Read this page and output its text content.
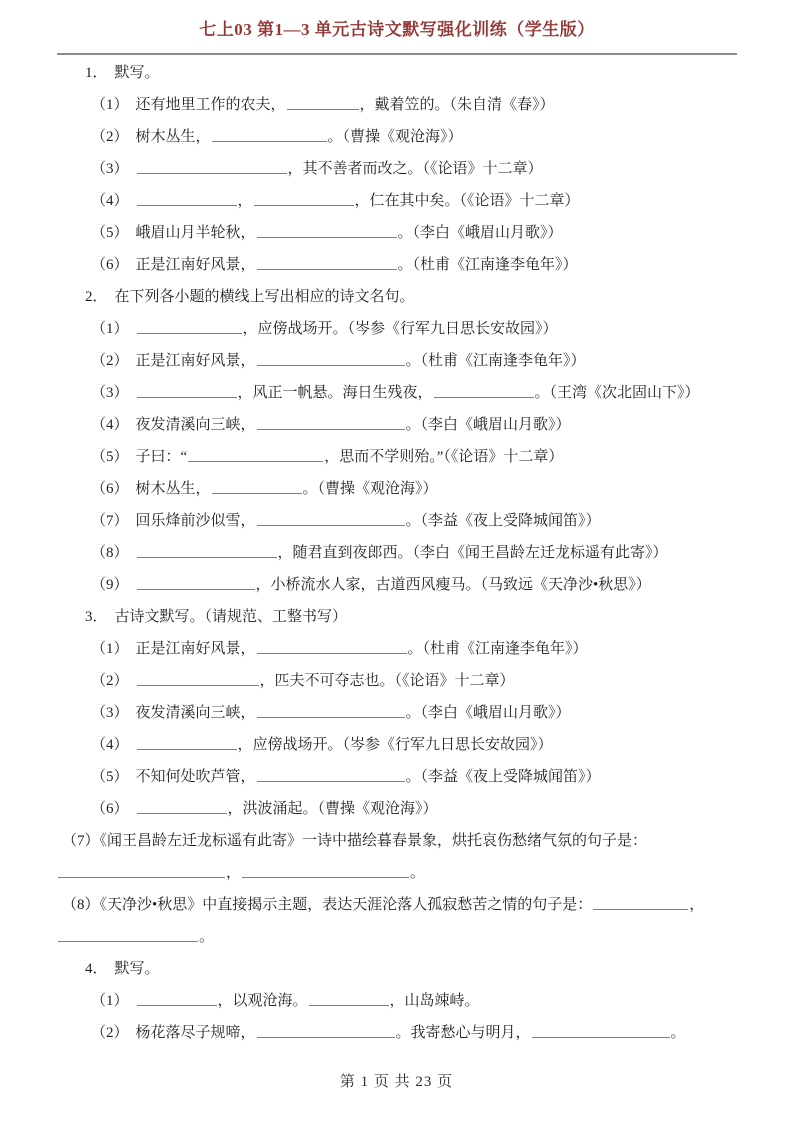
七上03 第1—3 单元古诗文默写强化训练（学生版）
1． 默写。
（1） 还有地里工作的农夫，	，戴着笠的。（朱自清《春》）
（2） 树木丛生，	。（曹操《观沧海》）
（3）	，其不善者而改之。（《论语》十二章）
（4）	，	，仁在其中矣。（《论语》十二章）
（5） 峨眉山月半轮秋，	。（李白《峨眉山月歌》）
（6） 正是江南好风景，	。（杜甫《江南逢李龟年》）
2． 在下列各小题的横线上写出相应的诗文名句。
（1）	，应傍战场开。（岑参《行军九日思长安故园》）
（2） 正是江南好风景，	。（杜甫《江南逢李龟年》）
（3）	，风正一帆悬。海日生残夜，	。（王湾《次北固山下》）
（4） 夜发清溪向三峡，	。（李白《峨眉山月歌》）
（5） 子曰：“	，思而不学则殆。”（《论语》十二章）
（6） 树木丛生，	。（曹操《观沧海》）
（7） 回乐烽前沙似雪，	。（李益《夜上受降城闻笛》）
（8）	，随君直到夜郎西。（李白《闻王昌龄左迁龙标遥有此寄》）
（9）	，小桥流水人家，古道西风瘦马。（马致远《天净沙•秋思》）
3． 古诗文默写。（请规范、工整书写）
（1） 正是江南好风景，	。（杜甫《江南逢李龟年》）
（2）	，匹夫不可夺志也。（《论语》十二章）
（3） 夜发清溪向三峡，	。（李白《峨眉山月歌》）
（4）	，应傍战场开。（岑参《行军九日思长安故园》）
（5） 不知何处吹芦管，	。（李益《夜上受降城闻笛》）
（6）	，洪波涌起。（曹操《观沧海》）
（7）《闻王昌龄左迁龙标遥有此寄》一诗中描绘暮春景象，烘托哀伤愁绪气氛的句子是：
，	。
（8）《天净沙•秋思》中直接揭示主题，表达天涯沦落人孤寂愁苦之情的句子是：	，
。
4． 默写。
（1）	，以观沧海。	，山岛竦峙。
（2） 杨花落尽子规啼，	。我寄愁心与明月，	。
第 1 页 共 23 页
